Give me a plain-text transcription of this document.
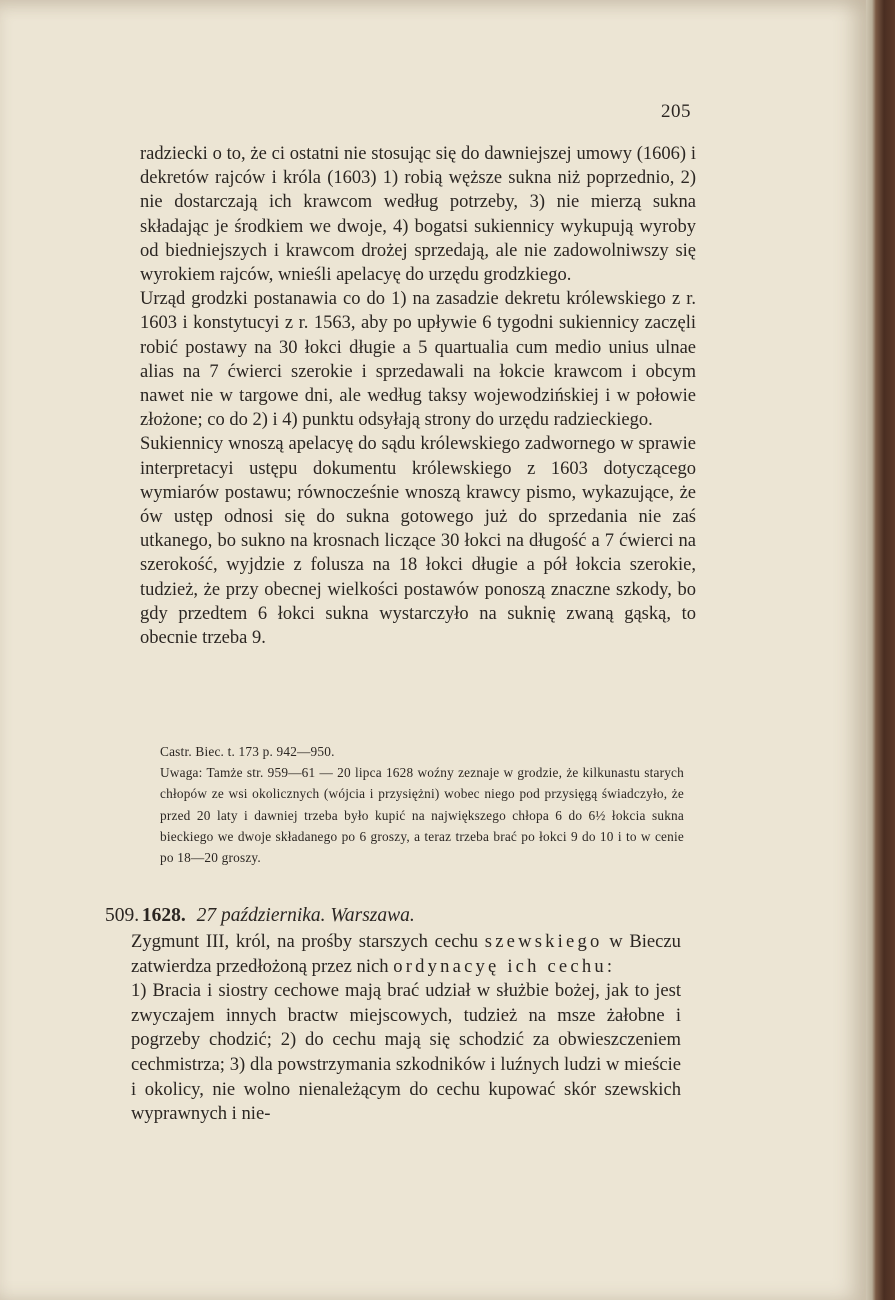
205

radziecki o to, że ci ostatni nie stosując się do dawniejszej umowy (1606) i dekretów rajców i króla (1603) 1) robią węższe sukna niż poprzednio, 2) nie dostarczają ich krawcom według potrzeby, 3) nie mierzą sukna składając je środkiem we dwoje, 4) bogatsi sukiennicy wykupują wyroby od biedniejszych i krawcom drożej sprzedają, ale nie zadowolniwszy się wyrokiem rajców, wnieśli apelacyę do urzędu grodzkiego.

Urząd grodzki postanawia co do 1) na zasadzie dekretu królewskiego z r. 1603 i konstytucyi z r. 1563, aby po upływie 6 tygodni sukiennicy zaczęli robić postawy na 30 łokci długie a 5 quartualia cum medio unius ulnae alias na 7 ćwierci szerokie i sprzedawali na łokcie krawcom i obcym nawet nie w targowe dni, ale według taksy wojewodzińskiej i w połowie złożone; co do 2) i 4) punktu odsyłają strony do urzędu radzieckiego.

Sukiennicy wnoszą apelacyę do sądu królewskiego zadwornego w sprawie interpretacyi ustępu dokumentu królewskiego z 1603 dotyczącego wymiarów postawu; równocześnie wnoszą krawcy pismo, wykazujące, że ów ustęp odnosi się do sukna gotowego już do sprzedania nie zaś utkanego, bo sukno na krosnach liczące 30 łokci na długość a 7 ćwierci na szerokość, wyjdzie z folusza na 18 łokci długie a pół łokcia szerokie, tudzież, że przy obecnej wielkości postawów ponoszą znaczne szkody, bo gdy przedtem 6 łokci sukna wystarczyło na suknię zwaną gąską, to obecnie trzeba 9.

Castr. Biec. t. 173 p. 942—950.

Uwaga: Tamże str. 959—61 — 20 lipca 1628 woźny zeznaje w grodzie, że kilkunastu starych chłopów ze wsi okolicznych (wójcia i przysiężni) wobec niego pod przysięgą świadczyło, że przed 20 laty i dawniej trzeba było kupić na największego chłopa 6 do 6½ łokcia sukna bieckiego we dwoje składanego po 6 groszy, a teraz trzeba brać po łokci 9 do 10 i to w cenie po 18—20 groszy.

509. 1628. 27 października. Warszawa.

Zygmunt III, król, na prośby starszych cechu szewskiego w Bieczu zatwierdza przedłożoną przez nich ordynacyę ich cechu:

1) Bracia i siostry cechowe mają brać udział w służbie bożej, jak to jest zwyczajem innych bractw miejscowych, tudzież na msze żałobne i pogrzeby chodzić; 2) do cechu mają się schodzić za obwieszczeniem cechmistrza; 3) dla powstrzymania szkodników i luźnych ludzi w mieście i okolicy, nie wolno nienależącym do cechu kupować skór szewskich wyprawnych i nie-
